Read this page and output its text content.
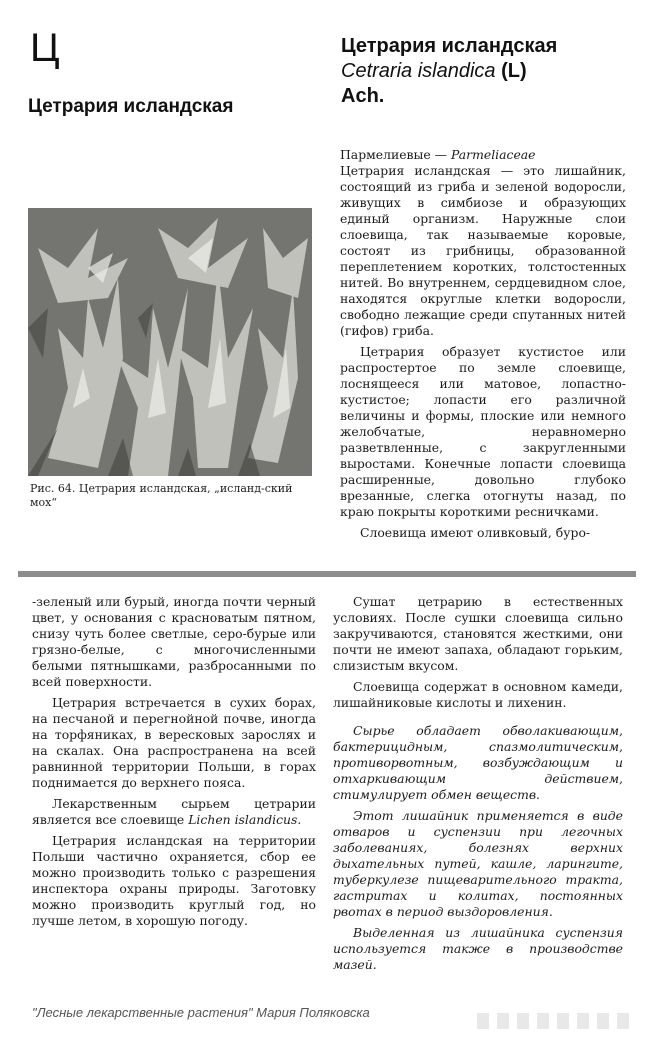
Ц
Цетрария исландская
Цетрария исландская
Cetraria islandica (L)
Ach.
Рис. 64. Цетрария исландская, „исланд-ский мох“

Пармелиевые — Parmeliaceae

Цетрария исландская — это лишайник, состоящий из гриба и зеленой водоросли, живущих в симбиозе и образующих единый организм. Наружные слои слоевища, так называемые коровые, состоят из грибницы, образованной переплетением коротких, толстостенных нитей. Во внутреннем, сердцевидном слое, находятся округлые клетки водоросли, свободно лежащие среди спутанных нитей (гифов) гриба.

Цетрария образует кустистое или распростертое по земле слоевище, лоснящееся или матовое, лопастно-кустистое; лопасти его различной величины и формы, плоские или немного желобчатые, неравномерно разветвленные, с закругленными выростами. Конечные лопасти слоевища расширенные, довольно глубоко врезанные, слегка отогнуты назад, по краю покрыты короткими ресничками.

Слоевища имеют оливковый, буро-

-зеленый или бурый, иногда почти черный цвет, у основания с красноватым пятном, снизу чуть более светлые, серо-бурые или грязно-белые, с многочисленными белыми пятнышками, разбросанными по всей поверхности.

Цетрария встречается в сухих борах, на песчаной и перегнойной почве, иногда на торфяниках, в вересковых зарослях и на скалах. Она распространена на всей равнинной территории Польши, в горах поднимается до верхнего пояса.

Лекарственным сырьем цетрарии является все слоевище Lichen islandicus.

Цетрария исландская на территории Польши частично охраняется, сбор ее можно производить только с разрешения инспектора охраны природы. Заготовку можно производить круглый год, но лучше летом, в хорошую погоду.

Сушат цетрарию в естественных условиях. После сушки слоевища сильно закручиваются, становятся жесткими, они почти не имеют запаха, обладают горьким, слизистым вкусом.

Слоевища содержат в основном камеди, лишайниковые кислоты и лихенин.

Сырье обладает обволакивающим, бактерицидным, спазмолитическим, противорвотным, возбуждающим и отхаркивающим действием, стимулирует обмен веществ.

Этот лишайник применяется в виде отваров и суспензии при легочных заболеваниях, болезнях верхних дыхательных путей, кашле, ларингите, туберкулезе пищеварительного тракта, гастритах и колитах, постоянных рвотах в период выздоровления.

Выделенная из лишайника суспензия используется также в производстве мазей.

"Лесные лекарственные растения" Мария Поляковска
